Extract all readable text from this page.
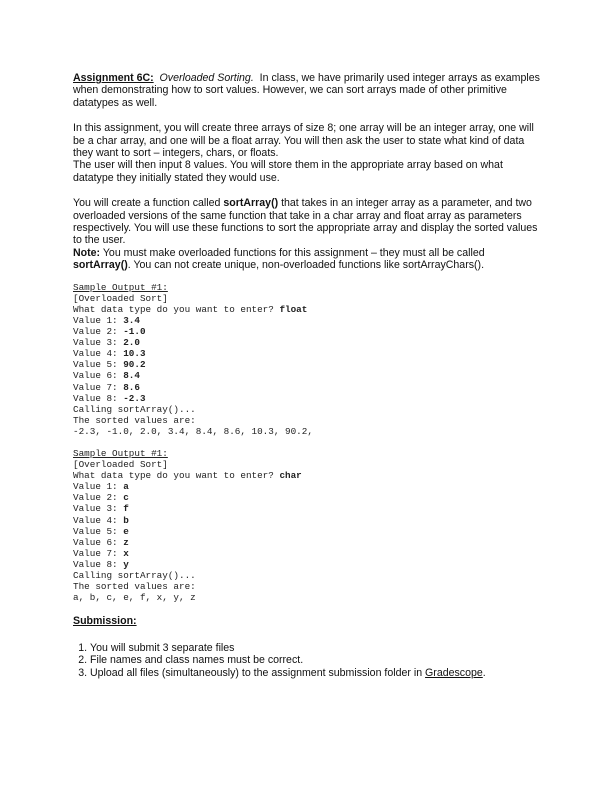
Assignment 6C: Overloaded Sorting. In class, we have primarily used integer arrays as examples when demonstrating how to sort values. However, we can sort arrays made of other primitive datatypes as well.

In this assignment, you will create three arrays of size 8; one array will be an integer array, one will be a char array, and one will be a float array. You will then ask the user to state what kind of data they want to sort – integers, chars, or floats.

The user will then input 8 values. You will store them in the appropriate array based on what datatype they initially stated they would use.

You will create a function called sortArray() that takes in an integer array as a parameter, and two overloaded versions of the same function that take in a char array and float array as parameters respectively. You will use these functions to sort the appropriate array and display the sorted values to the user.

Note: You must make overloaded functions for this assignment – they must all be called sortArray(). You can not create unique, non-overloaded functions like sortArrayChars().

Sample Output #1:
[Overloaded Sort]
What data type do you want to enter? float
Value 1: 3.4
Value 2: -1.0
Value 3: 2.0
Value 4: 10.3
Value 5: 90.2
Value 6: 8.4
Value 7: 8.6
Value 8: -2.3
Calling sortArray()...
The sorted values are:
-2.3, -1.0, 2.0, 3.4, 8.4, 8.6, 10.3, 90.2,
Sample Output #1:
[Overloaded Sort]
What data type do you want to enter? char
Value 1: a
Value 2: c
Value 3: f
Value 4: b
Value 5: e
Value 6: z
Value 7: x
Value 8: y
Calling sortArray()...
The sorted values are:
a, b, c, e, f, x, y, z

Submission:

1. You will submit 3 separate files
2. File names and class names must be correct.
3. Upload all files (simultaneously) to the assignment submission folder in Gradescope.
